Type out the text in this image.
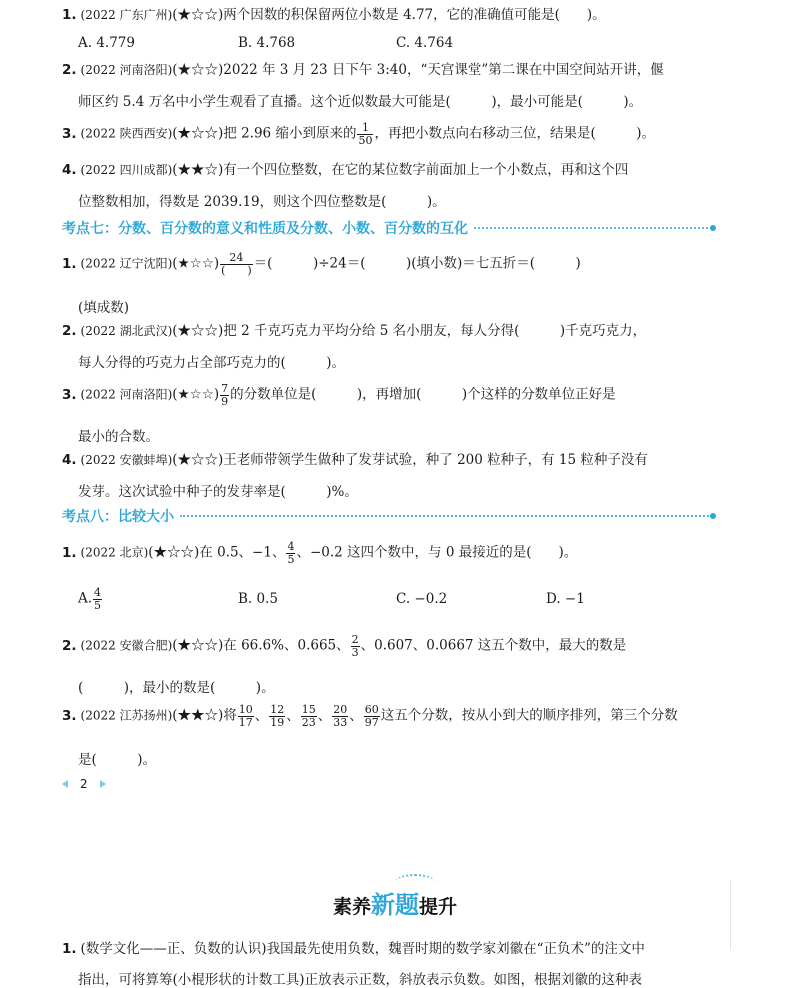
1. (2022 广东广州)(★☆☆)两个因数的积保留两位小数是 4.77，它的准确值可能是(　　)。
A. 4.779	B. 4.768	C. 4.764
2. (2022 河南洛阳)(★☆☆)2022 年 3 月 23 日下午 3:40，“天宫课堂”第二课在中国空间站开讲，偃
师区约 5.4 万名中小学生观看了直播。这个近似数最大可能是(　　　)，最小可能是(　　　)。
3. (2022 陕西西安)(★☆☆)把 2.96 缩小到原来的 $\frac{1}{50}$ ，再把小数点向右移动三位，结果是(　　　)。
4. (2022 四川成都)(★★☆)有一个四位整数，在它的某位数字前面加上一个小数点，再和这个四
位整数相加，得数是 2039.19，则这个四位整数是(　　　)。
考点七：分数、百分数的意义和性质及分数、小数、百分数的互化
1. (2022 辽宁沈阳)(★☆☆) $\frac{24}{( )}$ ＝(　　　)÷24＝(　　　)(填小数)＝七五折＝(　　　)
(填成数)
2. (2022 湖北武汉)(★☆☆)把 2 千克巧克力平均分给 5 名小朋友，每人分得(　　　)千克巧克力，
每人分得的巧克力占全部巧克力的(　　　)。
3. (2022 河南洛阳)(★☆☆) $\frac{7}{9}$ 的分数单位是(　　　)，再增加(　　　)个这样的分数单位正好是
最小的合数。
4. (2022 安徽蚌埠)(★☆☆)王老师带领学生做种了发芽试验，种了 200 粒种子，有 15 粒种子没有
发芽。这次试验中种子的发芽率是(　　　)%。
考点八：比较大小
1. (2022 北京)(★☆☆)在 0.5、−1、 $\frac{4}{5}$ 、−0.2 这四个数中，与 0 最接近的是(　　)。
A. $\frac{4}{5}$	B. 0.5	C. −0.2	D. −1
2. (2022 安徽合肥)(★☆☆)在 66.6%、0.665、 $\frac{2}{3}$ 、0.607、0.0667 这五个数中，最大的数是
(　　　)，最小的数是(　　　)。
3. (2022 江苏扬州)(★★☆)将 $\frac{10}{17}$ 、 $\frac{12}{19}$ 、 $\frac{15}{23}$ 、 $\frac{20}{33}$ 、 $\frac{60}{97}$ 这五个分数，按从小到大的顺序排列，第三个分数
是(　　　)。
2
素养新题提升
1. (数学文化——正、负数的认识)我国最先使用负数，魏晋时期的数学家刘徽在“正负术”的注文中
指出，可将算筹(小棍形状的计数工具)正放表示正数，斜放表示负数。如图，根据刘徽的这种表
